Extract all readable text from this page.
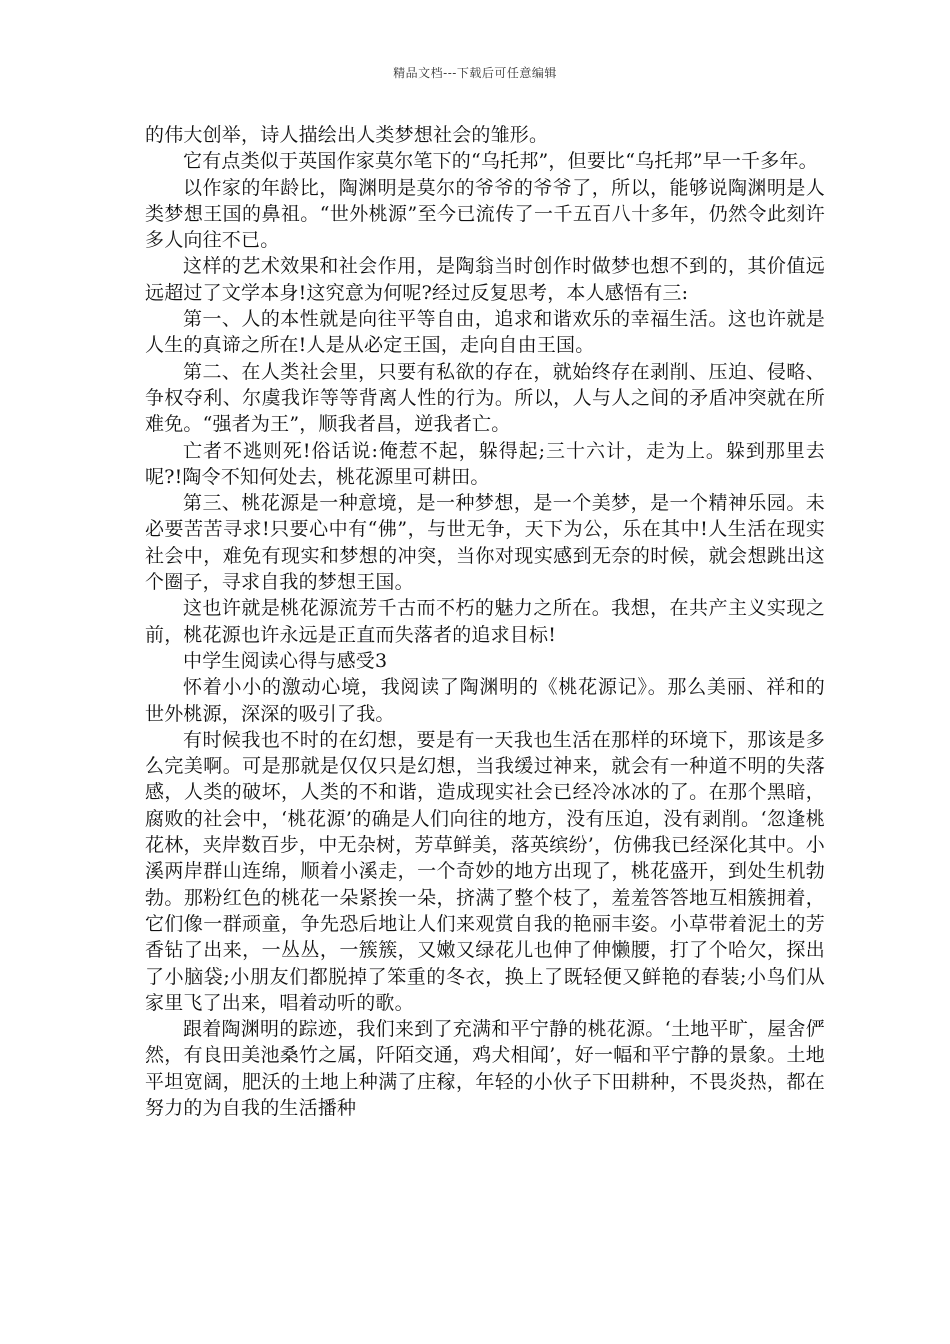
精品文档---下载后可任意编辑

的伟大创举，诗人描绘出人类梦想社会的雏形。

它有点类似于英国作家莫尔笔下的“乌托邦”，但要比“乌托邦”早一千多年。

以作家的年龄比，陶渊明是莫尔的爷爷的爷爷了，所以，能够说陶渊明是人类梦想王国的鼻祖。“世外桃源”至今已流传了一千五百八十多年，仍然令此刻许多人向往不已。

这样的艺术效果和社会作用，是陶翁当时创作时做梦也想不到的，其价值远远超过了文学本身!这究意为何呢?经过反复思考，本人感悟有三:

第一、人的本性就是向往平等自由，追求和谐欢乐的幸福生活。这也许就是人生的真谛之所在!人是从必定王国，走向自由王国。

第二、在人类社会里，只要有私欲的存在，就始终存在剥削、压迫、侵略、争权夺利、尔虞我诈等等背离人性的行为。所以，人与人之间的矛盾冲突就在所难免。“强者为王”，顺我者昌，逆我者亡。

亡者不逃则死!俗话说:俺惹不起，躲得起;三十六计，走为上。躲到那里去呢?!陶令不知何处去，桃花源里可耕田。

第三、桃花源是一种意境，是一种梦想，是一个美梦，是一个精神乐园。未必要苦苦寻求!只要心中有“佛”，与世无争，天下为公，乐在其中!人生活在现实社会中，难免有现实和梦想的冲突，当你对现实感到无奈的时候，就会想跳出这个圈子，寻求自我的梦想王国。

这也许就是桃花源流芳千古而不朽的魅力之所在。我想，在共产主义实现之前，桃花源也许永远是正直而失落者的追求目标!

中学生阅读心得与感受3

怀着小小的激动心境，我阅读了陶渊明的《桃花源记》。那么美丽、祥和的世外桃源，深深的吸引了我。

有时候我也不时的在幻想，要是有一天我也生活在那样的环境下，那该是多么完美啊。可是那就是仅仅只是幻想，当我缓过神来，就会有一种道不明的失落感，人类的破坏，人类的不和谐，造成现实社会已经冷冰冰的了。在那个黑暗，腐败的社会中，‘桃花源’的确是人们向往的地方，没有压迫，没有剥削。‘忽逢桃花林，夹岸数百步，中无杂树，芳草鲜美，落英缤纷’，仿佛我已经深化其中。小溪两岸群山连绵，顺着小溪走，一个奇妙的地方出现了，桃花盛开，到处生机勃勃。那粉红色的桃花一朵紧挨一朵，挤满了整个枝了，羞羞答答地互相簇拥着，它们像一群顽童，争先恐后地让人们来观赏自我的艳丽丰姿。小草带着泥土的芳香钻了出来，一丛丛，一簇簇，又嫩又绿花儿也伸了伸懒腰，打了个哈欠，探出了小脑袋;小朋友们都脱掉了笨重的冬衣，换上了既轻便又鲜艳的春装;小鸟们从家里飞了出来，唱着动听的歌。

跟着陶渊明的踪迹，我们来到了充满和平宁静的桃花源。‘土地平旷，屋舍俨然，有良田美池桑竹之属，阡陌交通，鸡犬相闻’，好一幅和平宁静的景象。土地平坦宽阔，肥沃的土地上种满了庄稼，年轻的小伙子下田耕种，不畏炎热，都在努力的为自我的生活播种
